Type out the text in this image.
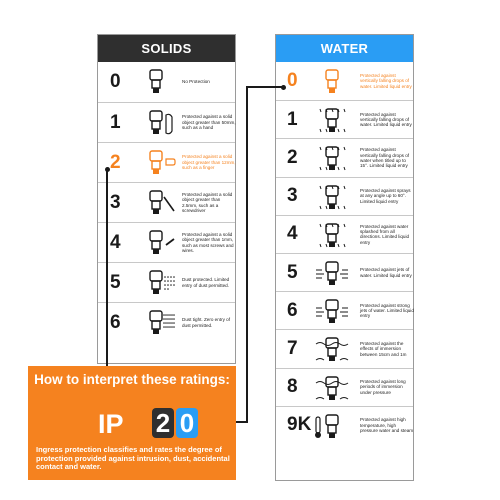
SOLIDS
0	No Protection
1	Protected against a solid object greater than 50mm, such as a hand
2	Protected against a solid object greater than 12mm, such as a finger
3	Protected against a solid object greater than 2.5mm, such as a screwdriver
4	Protected against a solid object greater than 1mm, such as most screws and wires.
5	Dust protected. Limited entry of dust permitted.
6	Dust tight. Zero entry of dust permitted.
WATER
0	Protected against vertically falling drops of water. Limited liquid entry
1	Protected against vertically falling drops of water. Limited liquid entry
2	Protected against vertically falling drops of water when titled up to 15°. Limited liquid entry
3	Protected against sprays at any angle up to 60°. Limited liquid entry
4	Protected against water splashed from all directions. Limited liquid entry
5	Protected against jets of water. Limited liquid entry
6	Protected against strong jets of water. Limited liquid entry
7	Protected against the effects of immersion between 15cm and 1m
8	Protected against long periods of immersion under pressure
9K	Protected against high temperature, high pressure water and steam
How to interpret these ratings:
IP 2 0
Ingress protection classifies and rates the degree of protection provided against intrusion, dust, accidental contact and water.
